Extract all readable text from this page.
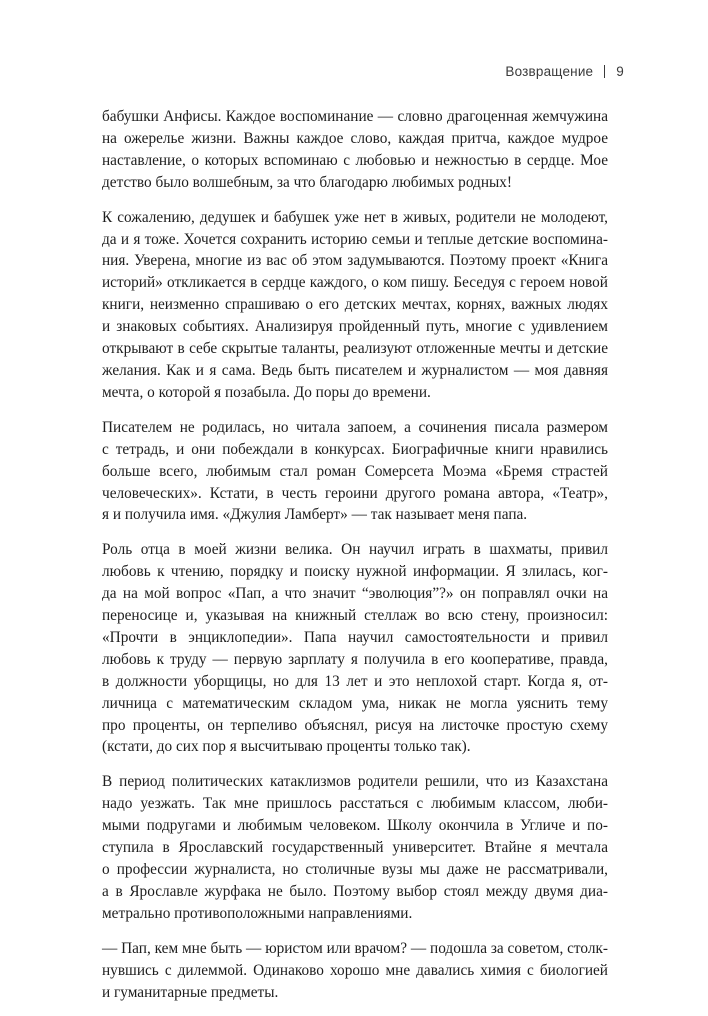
Возвращение 9

бабушки Анфисы. Каждое воспоминание — словно драгоценная жемчужина
на ожерелье жизни. Важны каждое слово, каждая притча, каждое мудрое
наставление, о которых вспоминаю с любовью и нежностью в сердце. Мое
детство было волшебным, за что благодарю любимых родных!

К сожалению, дедушек и бабушек уже нет в живых, родители не молодеют,
да и я тоже. Хочется сохранить историю семьи и теплые детские воспомина-
ния. Уверена, многие из вас об этом задумываются. Поэтому проект «Книга
историй» откликается в сердце каждого, о ком пишу. Беседуя с героем новой
книги, неизменно спрашиваю о его детских мечтах, корнях, важных людях
и знаковых событиях. Анализируя пройденный путь, многие с удивлением
открывают в себе скрытые таланты, реализуют отложенные мечты и детские
желания. Как и я сама. Ведь быть писателем и журналистом — моя давняя
мечта, о которой я позабыла. До поры до времени.

Писателем не родилась, но читала запоем, а сочинения писала размером
с тетрадь, и они побеждали в конкурсах. Биографичные книги нравились
больше всего, любимым стал роман Сомерсета Моэма «Бремя страстей
человеческих». Кстати, в честь героини другого романа автора, «Театр»,
я и получила имя. «Джулия Ламберт» — так называет меня папа.

Роль отца в моей жизни велика. Он научил играть в шахматы, привил
любовь к чтению, порядку и поиску нужной информации. Я злилась, ког-
да на мой вопрос «Пап, а что значит “эволюция”?» он поправлял очки на
переносице и, указывая на книжный стеллаж во всю стену, произносил:
«Прочти в энциклопедии». Папа научил самостоятельности и привил
любовь к труду — первую зарплату я получила в его кооперативе, правда,
в должности уборщицы, но для 13 лет и это неплохой старт. Когда я, от-
личница с математическим складом ума, никак не могла уяснить тему
про проценты, он терпеливо объяснял, рисуя на листочке простую схему
(кстати, до сих пор я высчитываю проценты только так).

В период политических катаклизмов родители решили, что из Казахстана
надо уезжать. Так мне пришлось расстаться с любимым классом, люби-
мыми подругами и любимым человеком. Школу окончила в Угличе и по-
ступила в Ярославский государственный университет. Втайне я мечтала
о профессии журналиста, но столичные вузы мы даже не рассматривали,
а в Ярославле журфака не было. Поэтому выбор стоял между двумя диа-
метрально противоположными направлениями.

— Пап, кем мне быть — юристом или врачом? — подошла за советом, столк-
нувшись с дилеммой. Одинаково хорошо мне давались химия с биологией
и гуманитарные предметы.
